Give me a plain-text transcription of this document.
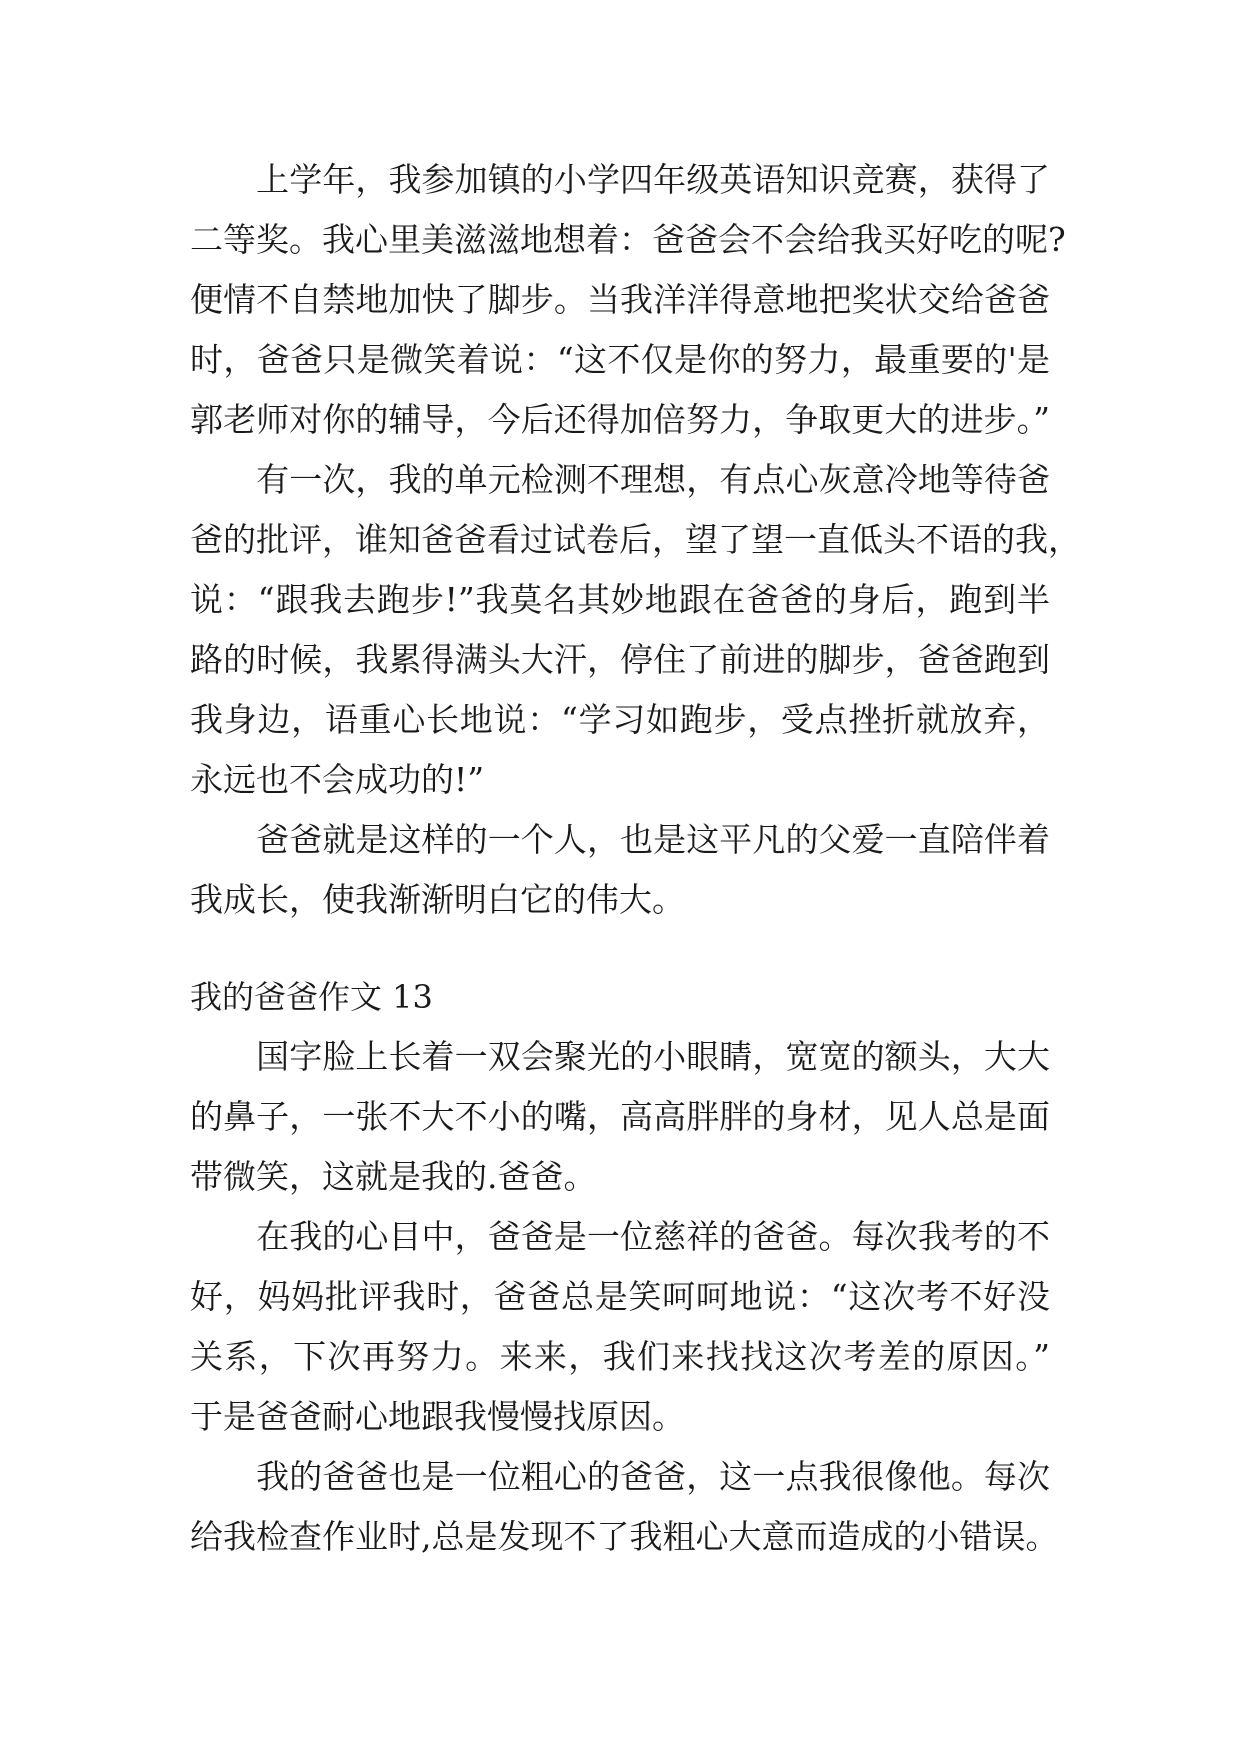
　　上学年，我参加镇的小学四年级英语知识竞赛，获得了
二等奖。我心里美滋滋地想着：爸爸会不会给我买好吃的呢?
便情不自禁地加快了脚步。当我洋洋得意地把奖状交给爸爸
时，爸爸只是微笑着说：“这不仅是你的努力，最重要的'是
郭老师对你的辅导，今后还得加倍努力，争取更大的进步。”
　　有一次，我的单元检测不理想，有点心灰意冷地等待爸
爸的批评，谁知爸爸看过试卷后，望了望一直低头不语的我，
说：“跟我去跑步!”我莫名其妙地跟在爸爸的身后，跑到半
路的时候，我累得满头大汗，停住了前进的脚步，爸爸跑到
我身边，语重心长地说：“学习如跑步，受点挫折就放弃，
永远也不会成功的!”
　　爸爸就是这样的一个人，也是这平凡的父爱一直陪伴着
我成长，使我渐渐明白它的伟大。
我的爸爸作文 13
　　国字脸上长着一双会聚光的小眼睛，宽宽的额头，大大
的鼻子，一张不大不小的嘴，高高胖胖的身材，见人总是面
带微笑，这就是我的.爸爸。
　　在我的心目中，爸爸是一位慈祥的爸爸。每次我考的不
好，妈妈批评我时，爸爸总是笑呵呵地说：“这次考不好没
关系，下次再努力。来来，我们来找找这次考差的原因。”
于是爸爸耐心地跟我慢慢找原因。
　　我的爸爸也是一位粗心的爸爸，这一点我很像他。每次
给我检查作业时,总是发现不了我粗心大意而造成的小错误。
